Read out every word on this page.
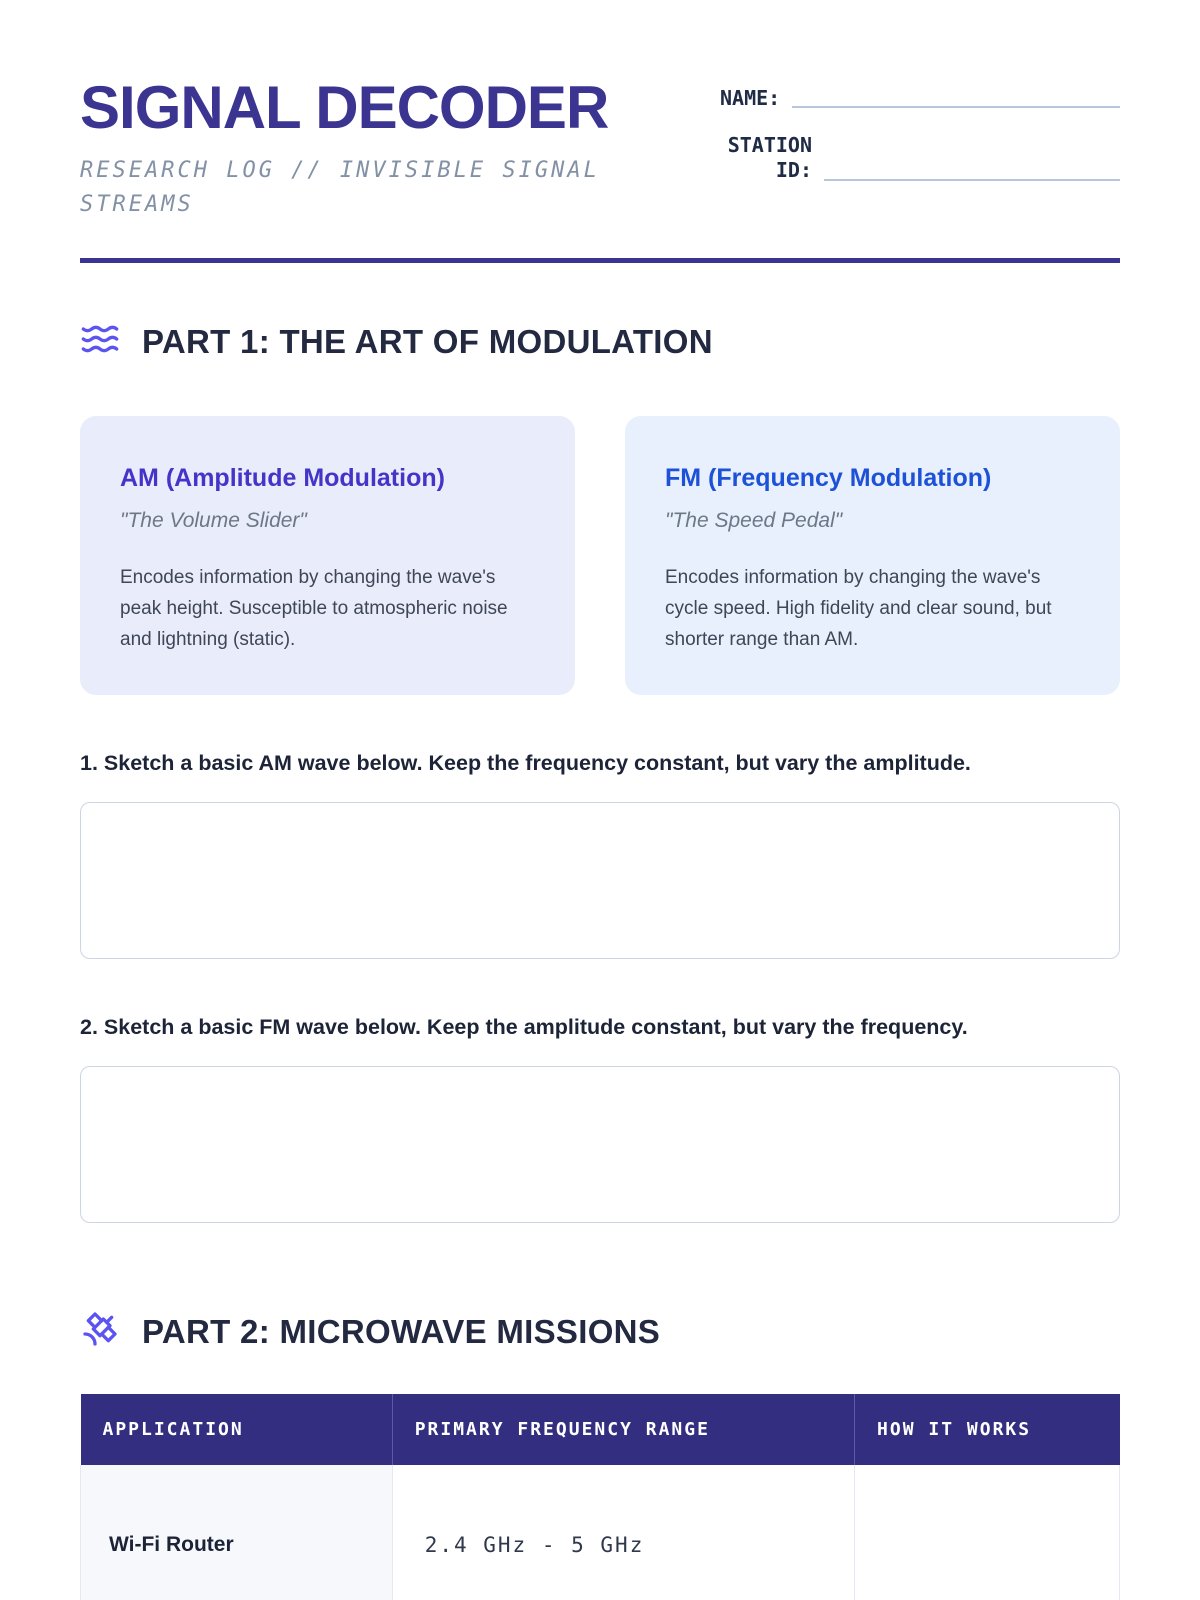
SIGNAL DECODER
RESEARCH LOG // INVISIBLE SIGNAL STREAMS
NAME:
STATION ID:
PART 1: THE ART OF MODULATION
AM (Amplitude Modulation)
"The Volume Slider"
Encodes information by changing the wave's peak height. Susceptible to atmospheric noise and lightning (static).
FM (Frequency Modulation)
"The Speed Pedal"
Encodes information by changing the wave's cycle speed. High fidelity and clear sound, but shorter range than AM.
1. Sketch a basic AM wave below. Keep the frequency constant, but vary the amplitude.
2. Sketch a basic FM wave below. Keep the amplitude constant, but vary the frequency.
PART 2: MICROWAVE MISSIONS
APPLICATION	PRIMARY FREQUENCY RANGE	HOW IT WORKS
Wi-Fi Router	2.4 GHz - 5 GHz	
